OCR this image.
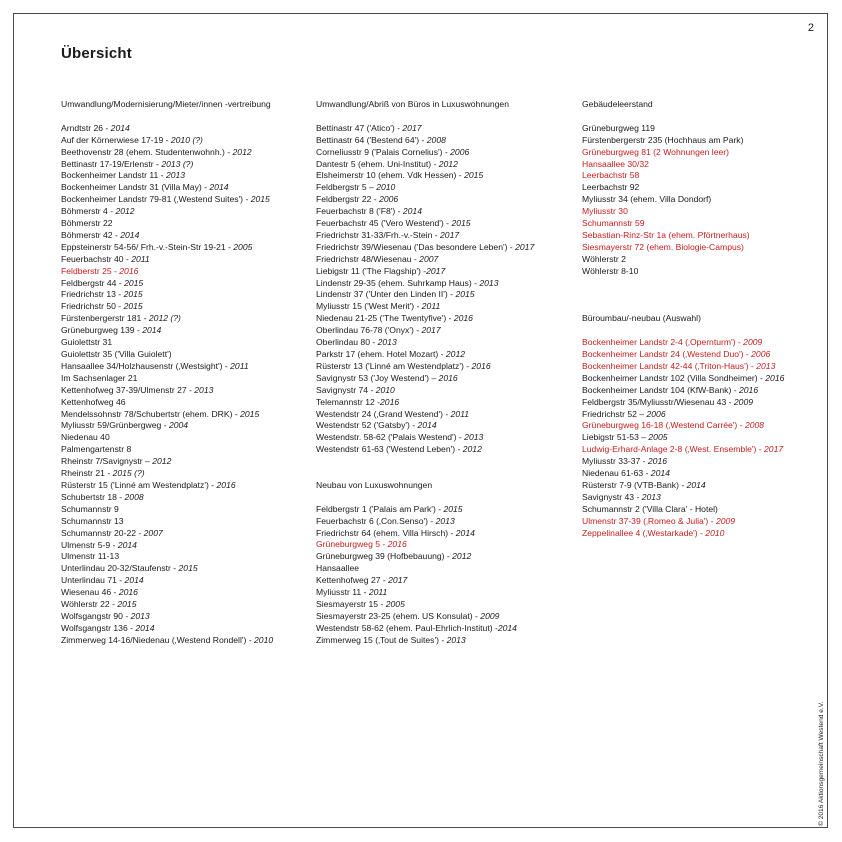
2
Übersicht

Umwandlung/Modernisierung/Mieter/innen -vertreibung

Arndtstr 26 - 2014
Auf der Körnerwiese 17-19 - 2010 (?)
Beethovenstr 28 (ehem. Studentenwohnh.) - 2012
Bettinastr 17-19/Erlenstr - 2013 (?)
Bockenheimer Landstr 11 - 2013
Bockenheimer Landstr 31 (Villa May) - 2014
Bockenheimer Landstr 79-81 (‚Westend Suites') - 2015
Böhmerstr 4 - 2012
Böhmerstr 22
Böhmerstr 42 - 2014
Eppsteinerstr 54-56/ Frh.-v.-Stein-Str 19-21 - 2005
Feuerbachstr 40 - 2011
Feldberstr 25 - 2016
Feldbergstr 44 - 2015
Friedrichstr 13 - 2015
Friedrichstr 50 - 2015
Fürstenbergerstr 181 - 2012 (?)
Grüneburgweg 139 - 2014
Guiolettstr 31
Guiolettstr 35 ('Villa Guiolett')
Hansaallee 34/Holzhausenstr (‚Westsight') - 2011
Im Sachsenlager 21
Kettenhofweg 37-39/Ulmenstr 27 - 2013
Kettenhofweg 46
Mendelssohnstr 78/Schubertstr (ehem. DRK) - 2015
Myliusstr 59/Grünbergweg - 2004
Niedenau 40
Palmengartenstr 8
Rheinstr 7/Savignystr – 2012
Rheinstr 21 - 2015 (?)
Rüsterstr 15 ('Linné am Westendplatz') - 2016
Schubertstr 18 - 2008
Schumannstr 9
Schumannstr 13
Schumannstr 20-22 - 2007
Ulmenstr 5-9 - 2014
Ulmenstr 11-13
Unterlindau 20-32/Staufenstr - 2015
Unterlindau 71 - 2014
Wiesenau 46 - 2016
Wöhlerstr 22 - 2015
Wolfsgangstr 90 - 2013
Wolfsgangstr 136 - 2014
Zimmerweg 14-16/Niedenau (‚Westend Rondell') - 2010

Umwandlung/Abriß von Büros in Luxuswohnungen

Bettinastr 47 ('Atico') - 2017
Bettinastr 64 ('Bestend 64') - 2008
Corneliusstr 9 ('Palais Cornelius') - 2006
Dantestr 5 (ehem. Uni-Institut) - 2012
Elsheimerstr 10 (ehem. Vdk Hessen) - 2015
Feldbergstr 5 – 2010
Feldbergstr 22 - 2006
Feuerbachstr 8 ('F8') - 2014
Feuerbachstr 45 ('Vero Westend') - 2015
Friedrichstr 31-33/Frh.-v.-Stein - 2017
Friedrichstr 39/Wiesenau ('Das besondere Leben') - 2017
Friedrichstr 48/Wiesenau - 2007
Liebigstr 11 ('The Flagship') -2017
Lindenstr 29-35 (ehem. Suhrkamp Haus) - 2013
Lindenstr 37 ('Unter den Linden II') - 2015
Myliusstr 15 ('West Merit') - 2011
Niedenau 21-25 ('The Twentyfive') - 2016
Oberlindau 76-78 ('Onyx') - 2017
Oberlindau 80 - 2013
Parkstr 17 (ehem. Hotel Mozart) - 2012
Rüsterstr 13 ('Linné am Westendplatz') - 2016
Savignystr 53 ('Joy Westend') – 2016
Savignystr 74 - 2010
Telemannstr 12 -2016
Westendstr 24 (‚Grand Westend') - 2011
Westendstr 52 ('Gatsby') - 2014
Westendstr. 58-62 ('Palais Westend') - 2013
Westendstr 61-63 ('Westend Leben') - 2012

Neubau von Luxuswohnungen

Feldbergstr 1 ('Palais am Park') - 2015
Feuerbachstr 6 (‚Con.Senso') - 2013
Friedrichstr 64 (ehem. Villa Hirsch) - 2014
Grüneburgweg 5 - 2016
Grüneburgweg 39 (Hofbebauung) - 2012
Hansaallee
Kettenhofweg 27 - 2017
Myliusstr 11 - 2011
Siesmayerstr 15 - 2005
Siesmayerstr 23-25 (ehem. US Konsulat) - 2009
Westendstr 58-62 (ehem. Paul-Ehrlich-Institut) -2014
Zimmerweg 15 (‚Tout de Suites') - 2013

Gebäudeleerstand

Grüneburgweg 119
Fürstenbergerstr 235 (Hochhaus am Park)
Grüneburgweg 81 (2 Wohnungen leer)
Hansaallee 30/32
Leerbachstr 58
Leerbachstr 92
Myliusstr 34 (ehem. Villa Dondorf)
Myliusstr 30
Schumannstr 59
Sebastian-Rinz-Str 1a (ehem. Pförtnerhaus)
Siesmayerstr 72 (ehem. Biologie-Campus)
Wöhlerstr 2
Wöhlerstr 8-10

Büroumbau/-neubau (Auswahl)

Bockenheimer Landstr 2-4 (‚Opernturm') - 2009
Bockenheimer Landstr 24 (‚Westend Duo') - 2006
Bockenheimer Landstr 42-44 (‚Triton-Haus') - 2013
Bockenheimer Landstr 102 (Villa Sondheimer) - 2016
Bockenheimer Landstr 104 (KfW-Bank) - 2016
Feldbergstr 35/Myliusstr/Wiesenau 43 - 2009
Friedrichstr 52 – 2006
Grüneburgweg 16-18 (‚Westend Carrée') - 2008
Liebigstr 51-53 – 2005
Ludwig-Erhard-Anlage 2-8 (‚West. Ensemble') - 2017
Myliusstr 33-37 - 2016
Niedenau 61-63 - 2014
Rüsterstr 7-9 (VTB-Bank) - 2014
Savignystr 43 - 2013
Schumannstr 2 ('Villa Clara' - Hotel)
Ulmenstr 37-39 (‚Romeo & Julia') - 2009
Zeppelinallee 4 (‚Westarkade') - 2010
© 2016 Aktionsgemeinschaft Westend e.V.
